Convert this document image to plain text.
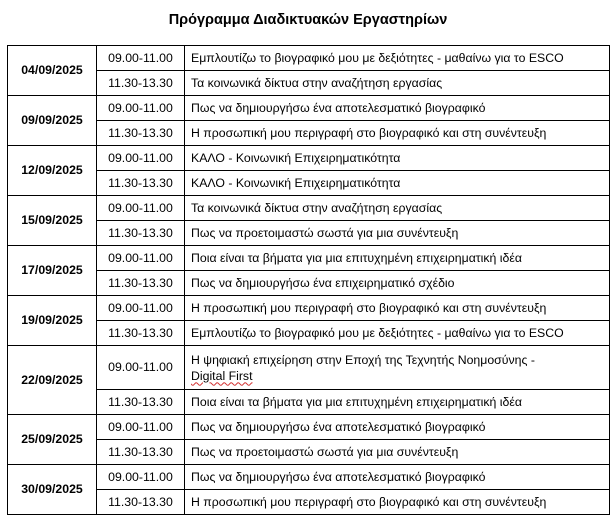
Πρόγραμμα Διαδικτυακών Εργαστηρίων
04/09/2025	09.00-11.00	Εμπλουτίζω το βιογραφικό μου με δεξιότητες - μαθαίνω για το ESCO
	11.30-13.30	Τα κοινωνικά δίκτυα στην αναζήτηση εργασίας
09/09/2025	09.00-11.00	Πως να δημιουργήσω ένα αποτελεσματικό βιογραφικό
	11.30-13.30	Η προσωπική μου περιγραφή στο βιογραφικό και στη συνέντευξη
12/09/2025	09.00-11.00	ΚΑΛΟ - Κοινωνική Επιχειρηματικότητα
	11.30-13.30	ΚΑΛΟ - Κοινωνική Επιχειρηματικότητα
15/09/2025	09.00-11.00	Τα κοινωνικά δίκτυα στην αναζήτηση εργασίας
	11.30-13.30	Πως να προετοιμαστώ σωστά για μια συνέντευξη
17/09/2025	09.00-11.00	Ποια είναι τα βήματα για μια επιτυχημένη επιχειρηματική ιδέα
	11.30-13.30	Πως να δημιουργήσω ένα επιχειρηματικό σχέδιο
19/09/2025	09.00-11.00	Η προσωπική μου περιγραφή στο βιογραφικό και στη συνέντευξη
	11.30-13.30	Εμπλουτίζω το βιογραφικό μου με δεξιότητες - μαθαίνω για το ESCO
22/09/2025	09.00-11.00	Η ψηφιακή επιχείρηση στην Εποχή της Τεχνητής Νοημοσύνης -
Digital First
	11.30-13.30	Ποια είναι τα βήματα για μια επιτυχημένη επιχειρηματική ιδέα
25/09/2025	09.00-11.00	Πως να δημιουργήσω ένα αποτελεσματικό βιογραφικό
	11.30-13.30	Πως να προετοιμαστώ σωστά για μια συνέντευξη
30/09/2025	09.00-11.00	Πως να δημιουργήσω ένα αποτελεσματικό βιογραφικό
	11.30-13.30	Η προσωπική μου περιγραφή στο βιογραφικό και στη συνέντευξη
